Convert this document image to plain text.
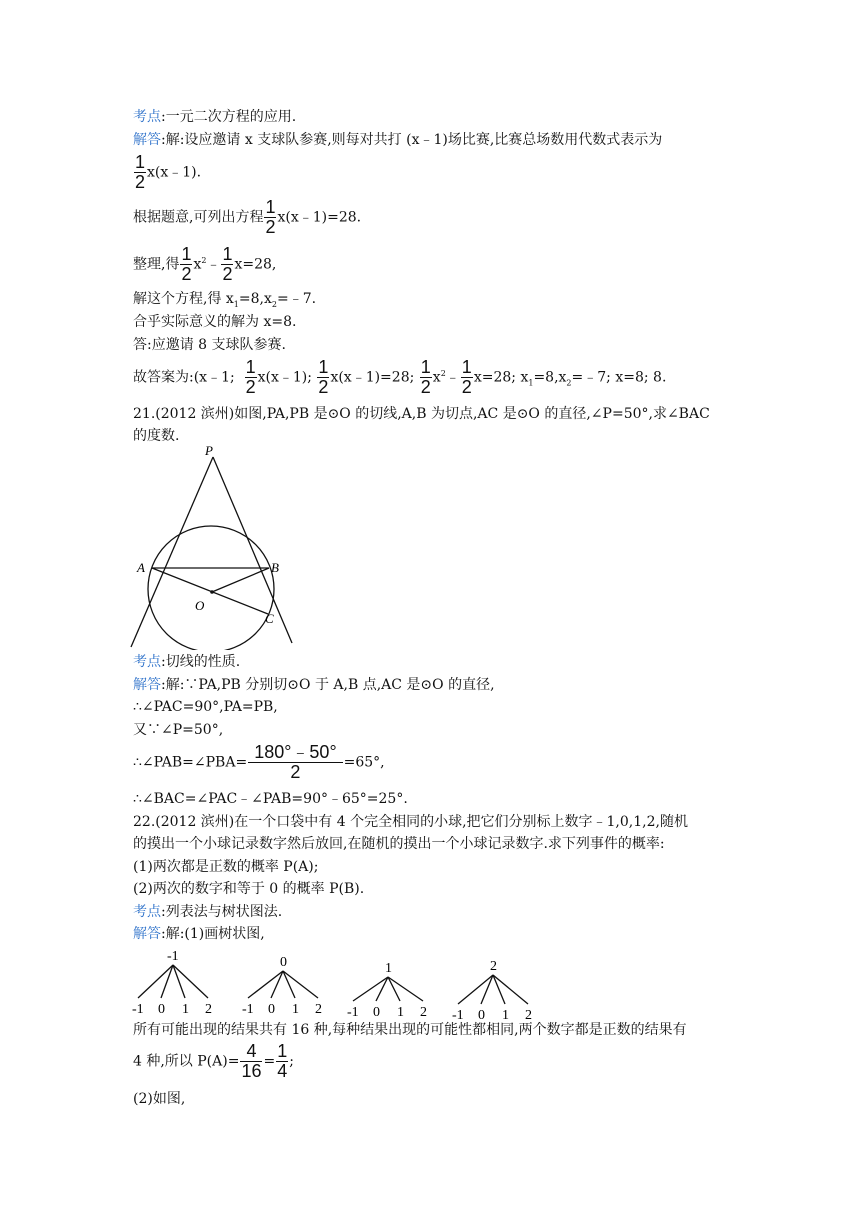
考点:一元二次方程的应用.
解答:解:设应邀请 x 支球队参赛,则每对共打 (x﹣1)场比赛,比赛总场数用代数式表示为
$\frac{1}{2}$ x(x﹣1).
根据题意,可列出方程 $\frac{1}{2}$ x(x﹣1)=28.
整理,得 $\frac{1}{2}$ $x^2﹣ \frac{1}{2} x=28$,
解这个方程,得 $x_1=8,x_2=﹣7$.
合乎实际意义的解为 x=8.
答:应邀请 8 支球队参赛.
故答案为:(x﹣1; $\frac{1}{2}$ x(x﹣1); $\frac{1}{2}$ x(x﹣1)=28; $\frac{1}{2}$ $x^2﹣ \frac{1}{2} x=28$; $x_1=8,x_2=﹣7$; x=8; 8.
21.(2012 滨州)如图,PA,PB 是⊙O 的切线,A,B 为切点,AC 是⊙O 的直径,∠P=50°,求∠BAC
的度数.
P
A	B
O
C
考点:切线的性质.
解答:解:∵PA,PB 分别切⊙O 于 A,B 点,AC 是⊙O 的直径,
∴∠PAC=90°,PA=PB,
又∵∠P=50°,
∴∠PAB=∠PBA= $\frac{180^\circ﹣50^\circ}{2} =65^\circ$,
∴∠BAC=∠PAC﹣∠PAB=90°﹣65°=25°.
22.(2012 滨州)在一个口袋中有 4 个完全相同的小球,把它们分别标上数字﹣1,0,1,2,随机
的摸出一个小球记录数字然后放回,在随机的摸出一个小球记录数字.求下列事件的概率:
(1)两次都是正数的概率 P(A);
(2)两次的数字和等于 0 的概率 P(B).
考点:列表法与树状图法.
解答:解:(1)画树状图,
-1
-1 0 1 2
0
-1 0 1 2
1
-1 0 1 2
2
-1 0 1 2
所有可能出现的结果共有 16 种,每种结果出现的可能性都相同,两个数字都是正数的结果有
4 种,所以 $P(A)= \frac{4}{16} = \frac{1}{4}$ ;
(2)如图,
